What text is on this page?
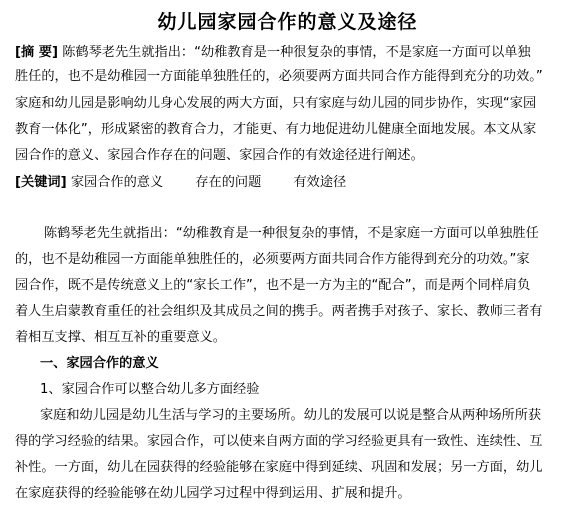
幼儿园家园合作的意义及途径
[摘 要] 陈鹤琴老先生就指出：“幼稚教育是一种很复杂的事情，不是家庭一方面可以单独
胜任的，也不是幼稚园一方面能单独胜任的，必须要两方面共同合作方能得到充分的功效。”
家庭和幼儿园是影响幼儿身心发展的两大方面，只有家庭与幼儿园的同步协作，实现“家园
教育一体化”，形成紧密的教育合力，才能更、有力地促进幼儿健康全面地发展。本文从家
园合作的意义、家园合作存在的问题、家园合作的有效途径进行阐述。
[关键词] 家园合作的意义 存在的问题 有效途径
陈鹤琴老先生就指出：“幼稚教育是一种很复杂的事情，不是家庭一方面可以单独胜任
的，也不是幼稚园一方面能单独胜任的，必须要两方面共同合作方能得到充分的功效。”家
园合作，既不是传统意义上的“家长工作”，也不是一方为主的“配合”，而是两个同样肩负
着人生启蒙教育重任的社会组织及其成员之间的携手。两者携手对孩子、家长、教师三者有
着相互支撑、相互互补的重要意义。
一、家园合作的意义
1、家园合作可以整合幼儿多方面经验
家庭和幼儿园是幼儿生活与学习的主要场所。幼儿的发展可以说是整合从两种场所所获
得的学习经验的结果。家园合作，可以使来自两方面的学习经验更具有一致性、连续性、互
补性。一方面，幼儿在园获得的经验能够在家庭中得到延续、巩固和发展；另一方面，幼儿
在家庭获得的经验能够在幼儿园学习过程中得到运用、扩展和提升。
